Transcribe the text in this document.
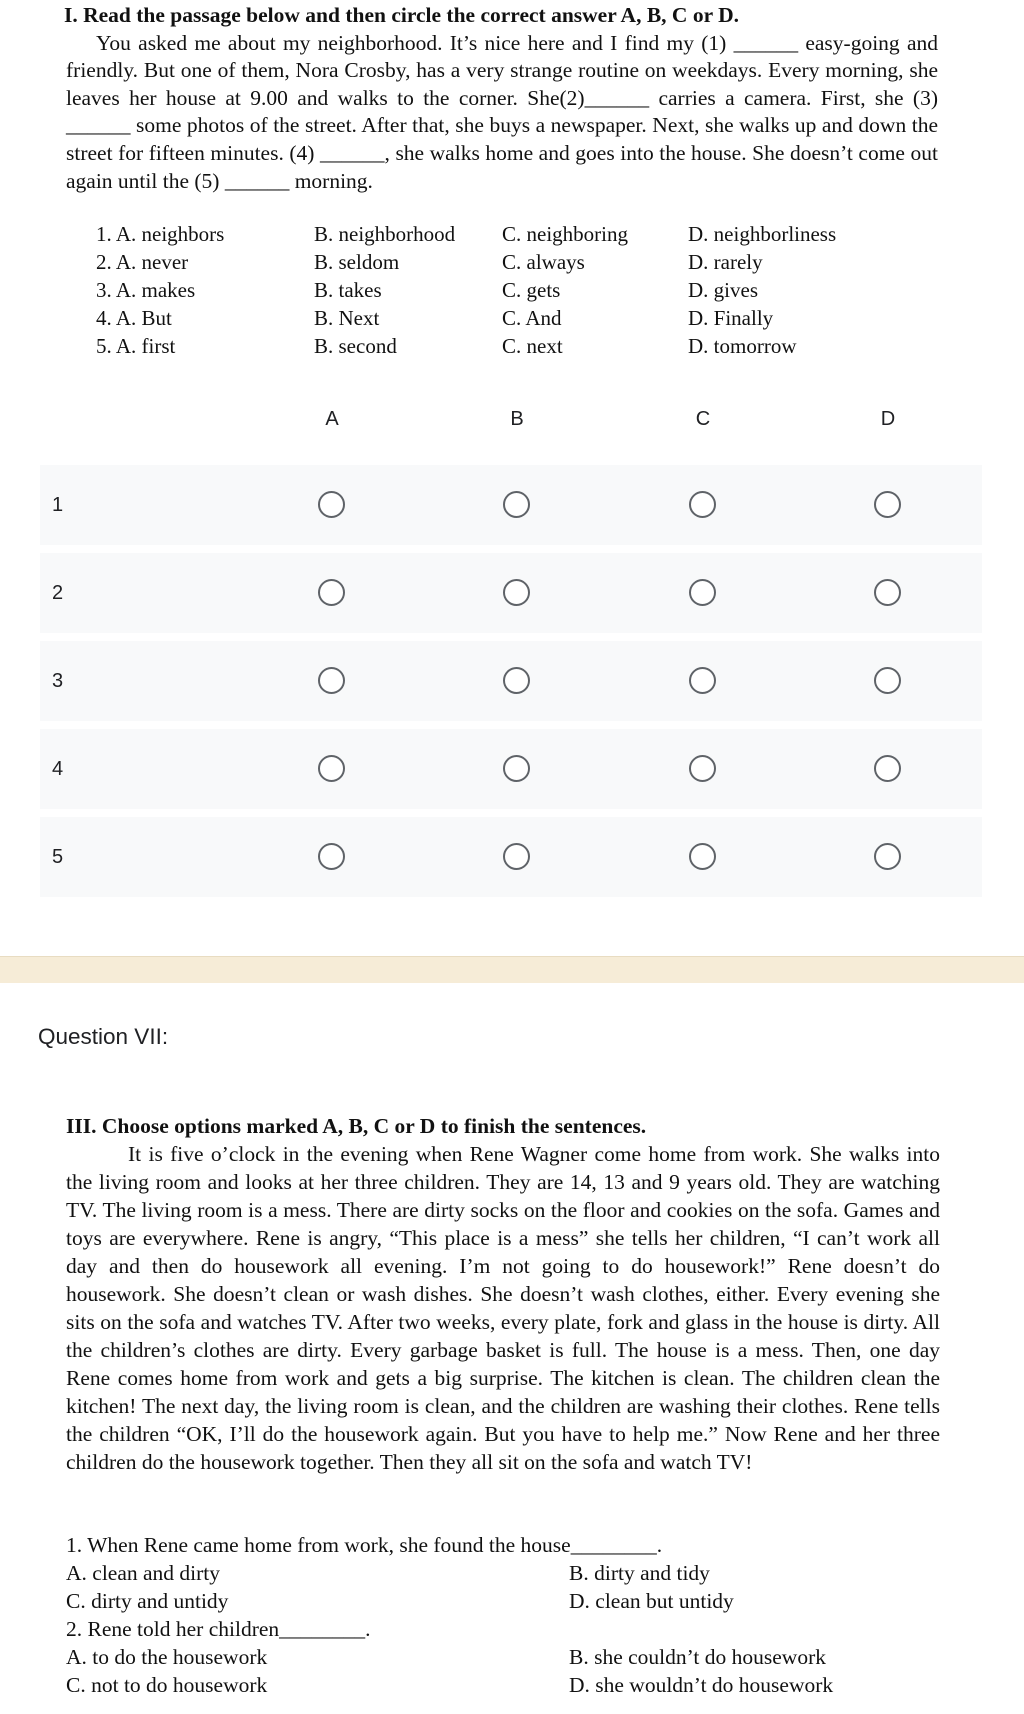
I. Read the passage below and then circle the correct answer A, B, C or D.
You asked me about my neighborhood. It’s nice here and I find my (1) ______ easy-going and friendly. But one of them, Nora Crosby, has a very strange routine on weekdays. Every morning, she leaves her house at 9.00 and walks to the corner. She(2)______ carries a camera. First, she (3) ______ some photos of the street. After that, she buys a newspaper. Next, she walks up and down the street for fifteen minutes. (4) ______, she walks home and goes into the house. She doesn’t come out again until the (5) ______ morning.
1. A. neighbors	B. neighborhood C. neighboring	D. neighborliness
2. A. never	B. seldom	C. always	D. rarely
3. A. makes	B. takes	C. gets	D. gives
4. A. But	B. Next	C. And	D. Finally
5. A. first	B. second	C. next	D. tomorrow
A	B	C	D
1
2
3
4
5
Question VII:
III. Choose options marked A, B, C or D to finish the sentences.
It is five o’clock in the evening when Rene Wagner come home from work. She walks into the living room and looks at her three children. They are 14, 13 and 9 years old. They are watching TV. The living room is a mess. There are dirty socks on the floor and cookies on the sofa. Games and toys are everywhere. Rene is angry, “This place is a mess” she tells her children, “I can’t work all day and then do housework all evening. I’m not going to do housework!” Rene doesn’t do housework. She doesn’t clean or wash dishes. She doesn’t wash clothes, either. Every evening she sits on the sofa and watches TV. After two weeks, every plate, fork and glass in the house is dirty. All the children’s clothes are dirty. Every garbage basket is full. The house is a mess. Then, one day Rene comes home from work and gets a big surprise. The kitchen is clean. The children clean the kitchen! The next day, the living room is clean, and the children are washing their clothes. Rene tells the children “OK, I’ll do the housework again. But you have to help me.” Now Rene and her three children do the housework together. Then they all sit on the sofa and watch TV!
1. When Rene came home from work, she found the house________.
A. clean and dirty	B. dirty and tidy
C. dirty and untidy	D. clean but untidy
2. Rene told her children________.
A. to do the housework	B. she couldn’t do housework
C. not to do housework	D. she wouldn’t do housework
